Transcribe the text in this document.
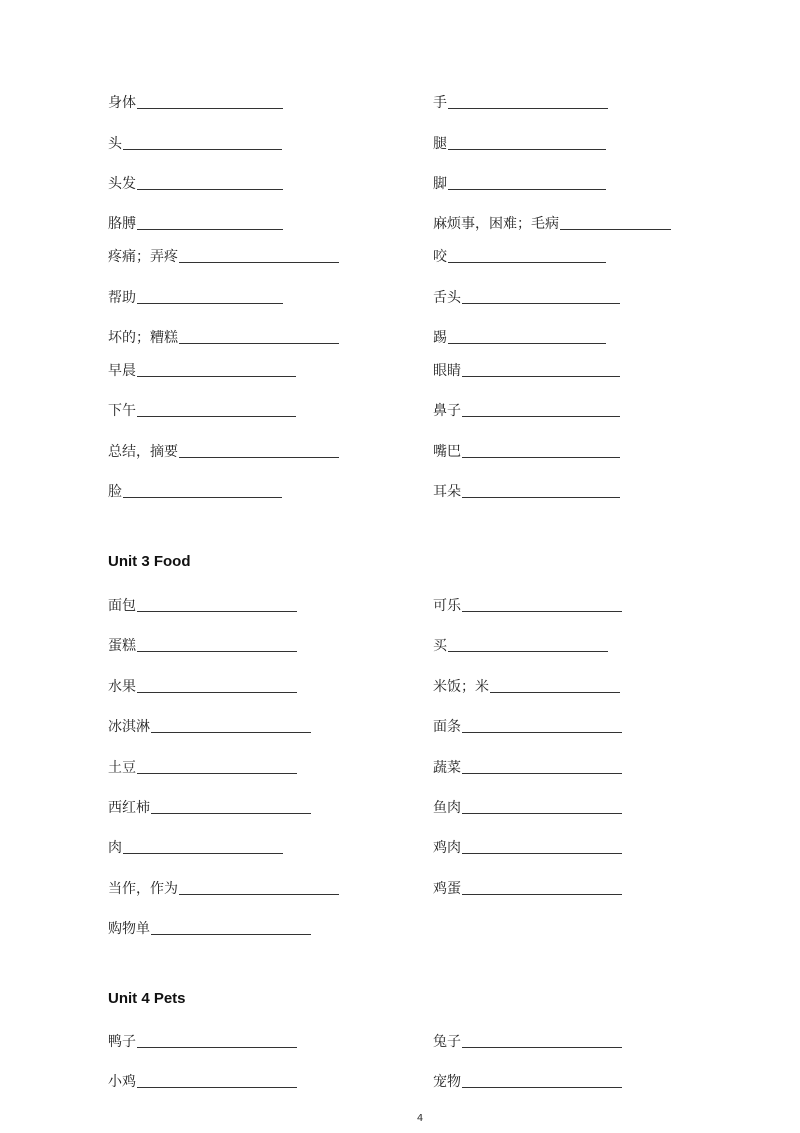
身体	手
头	腿
头发	脚
胳膊	麻烦事，困难；毛病
疼痛；弄疼	咬
帮助	舌头
坏的；糟糕	踢
早晨	眼睛
下午	鼻子
总结，摘要	嘴巴
脸	耳朵
Unit 3 Food
面包	可乐
蛋糕	买
水果	米饭；米
冰淇淋	面条
土豆	蔬菜
西红柿	鱼肉
肉	鸡肉
当作，作为	鸡蛋
购物单
Unit 4 Pets
鸭子	兔子
小鸡	宠物
4
